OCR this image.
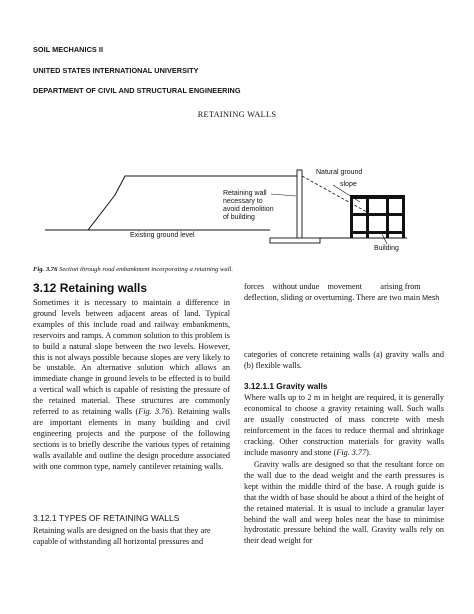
SOIL MECHANICS II
UNITED STATES INTERNATIONAL UNIVERSITY
DEPARTMENT OF CIVIL AND STRUCTURAL ENGINEERING
RETAINING WALLS
Natural ground
slope
Retaining wall
necessary to
avoid demolition
of building
Existing ground level
Building
Fig. 3.76 Section through road embankment incorporating a retaining wall.
3.12 Retaining walls
Sometimes it is necessary to maintain a difference in ground levels between adjacent areas of land. Typical examples of this include road and railway embankments, reservoirs and ramps. A common solution to this problem is to build a natural slope between the two levels. However, this is not always possible because slopes are very likely to be unstable. An alternative solution which allows an immediate change in ground levels to be effected is to build a vertical wall which is capable of resisting the pressure of the retained material. These structures are commonly referred to as retaining walls (Fig. 3.76). Retaining walls are important elements in many building and civil engineering projects and the purpose of the following sections is to briefly describe the various types of retaining walls available and outline the design procedure associated with one common type, namely cantilever retaining walls.
3.12.1 TYPES OF RETAINING WALLS
Retaining walls are designed on the basis that they are capable of withstanding all horizontal pressures and
forces    without undue    movement         arising from deflection, sliding or overturning. There are two main Mesh
categories of concrete retaining walls (a) gravity walls and (b) flexible walls.
3.12.1.1 Gravity walls
Where walls up to 2 m in height are required, it is generally economical to choose a gravity retaining wall. Such walls are usually constructed of mass concrete with mesh reinforcement in the faces to reduce thermal and shrinkage cracking. Other construction materials for gravity walls include masonry and stone (Fig. 3.77).
Gravity walls are designed so that the resultant force on the wall due to the dead weight and the earth pressures is kept within the middle third of the base. A rough guide is that the width of base should be about a third of the height of the retained material. It is usual to include a granular layer behind the wall and weep holes near the base to minimise hydrostatic pressure behind the wall. Gravity walls rely on their dead weight for
